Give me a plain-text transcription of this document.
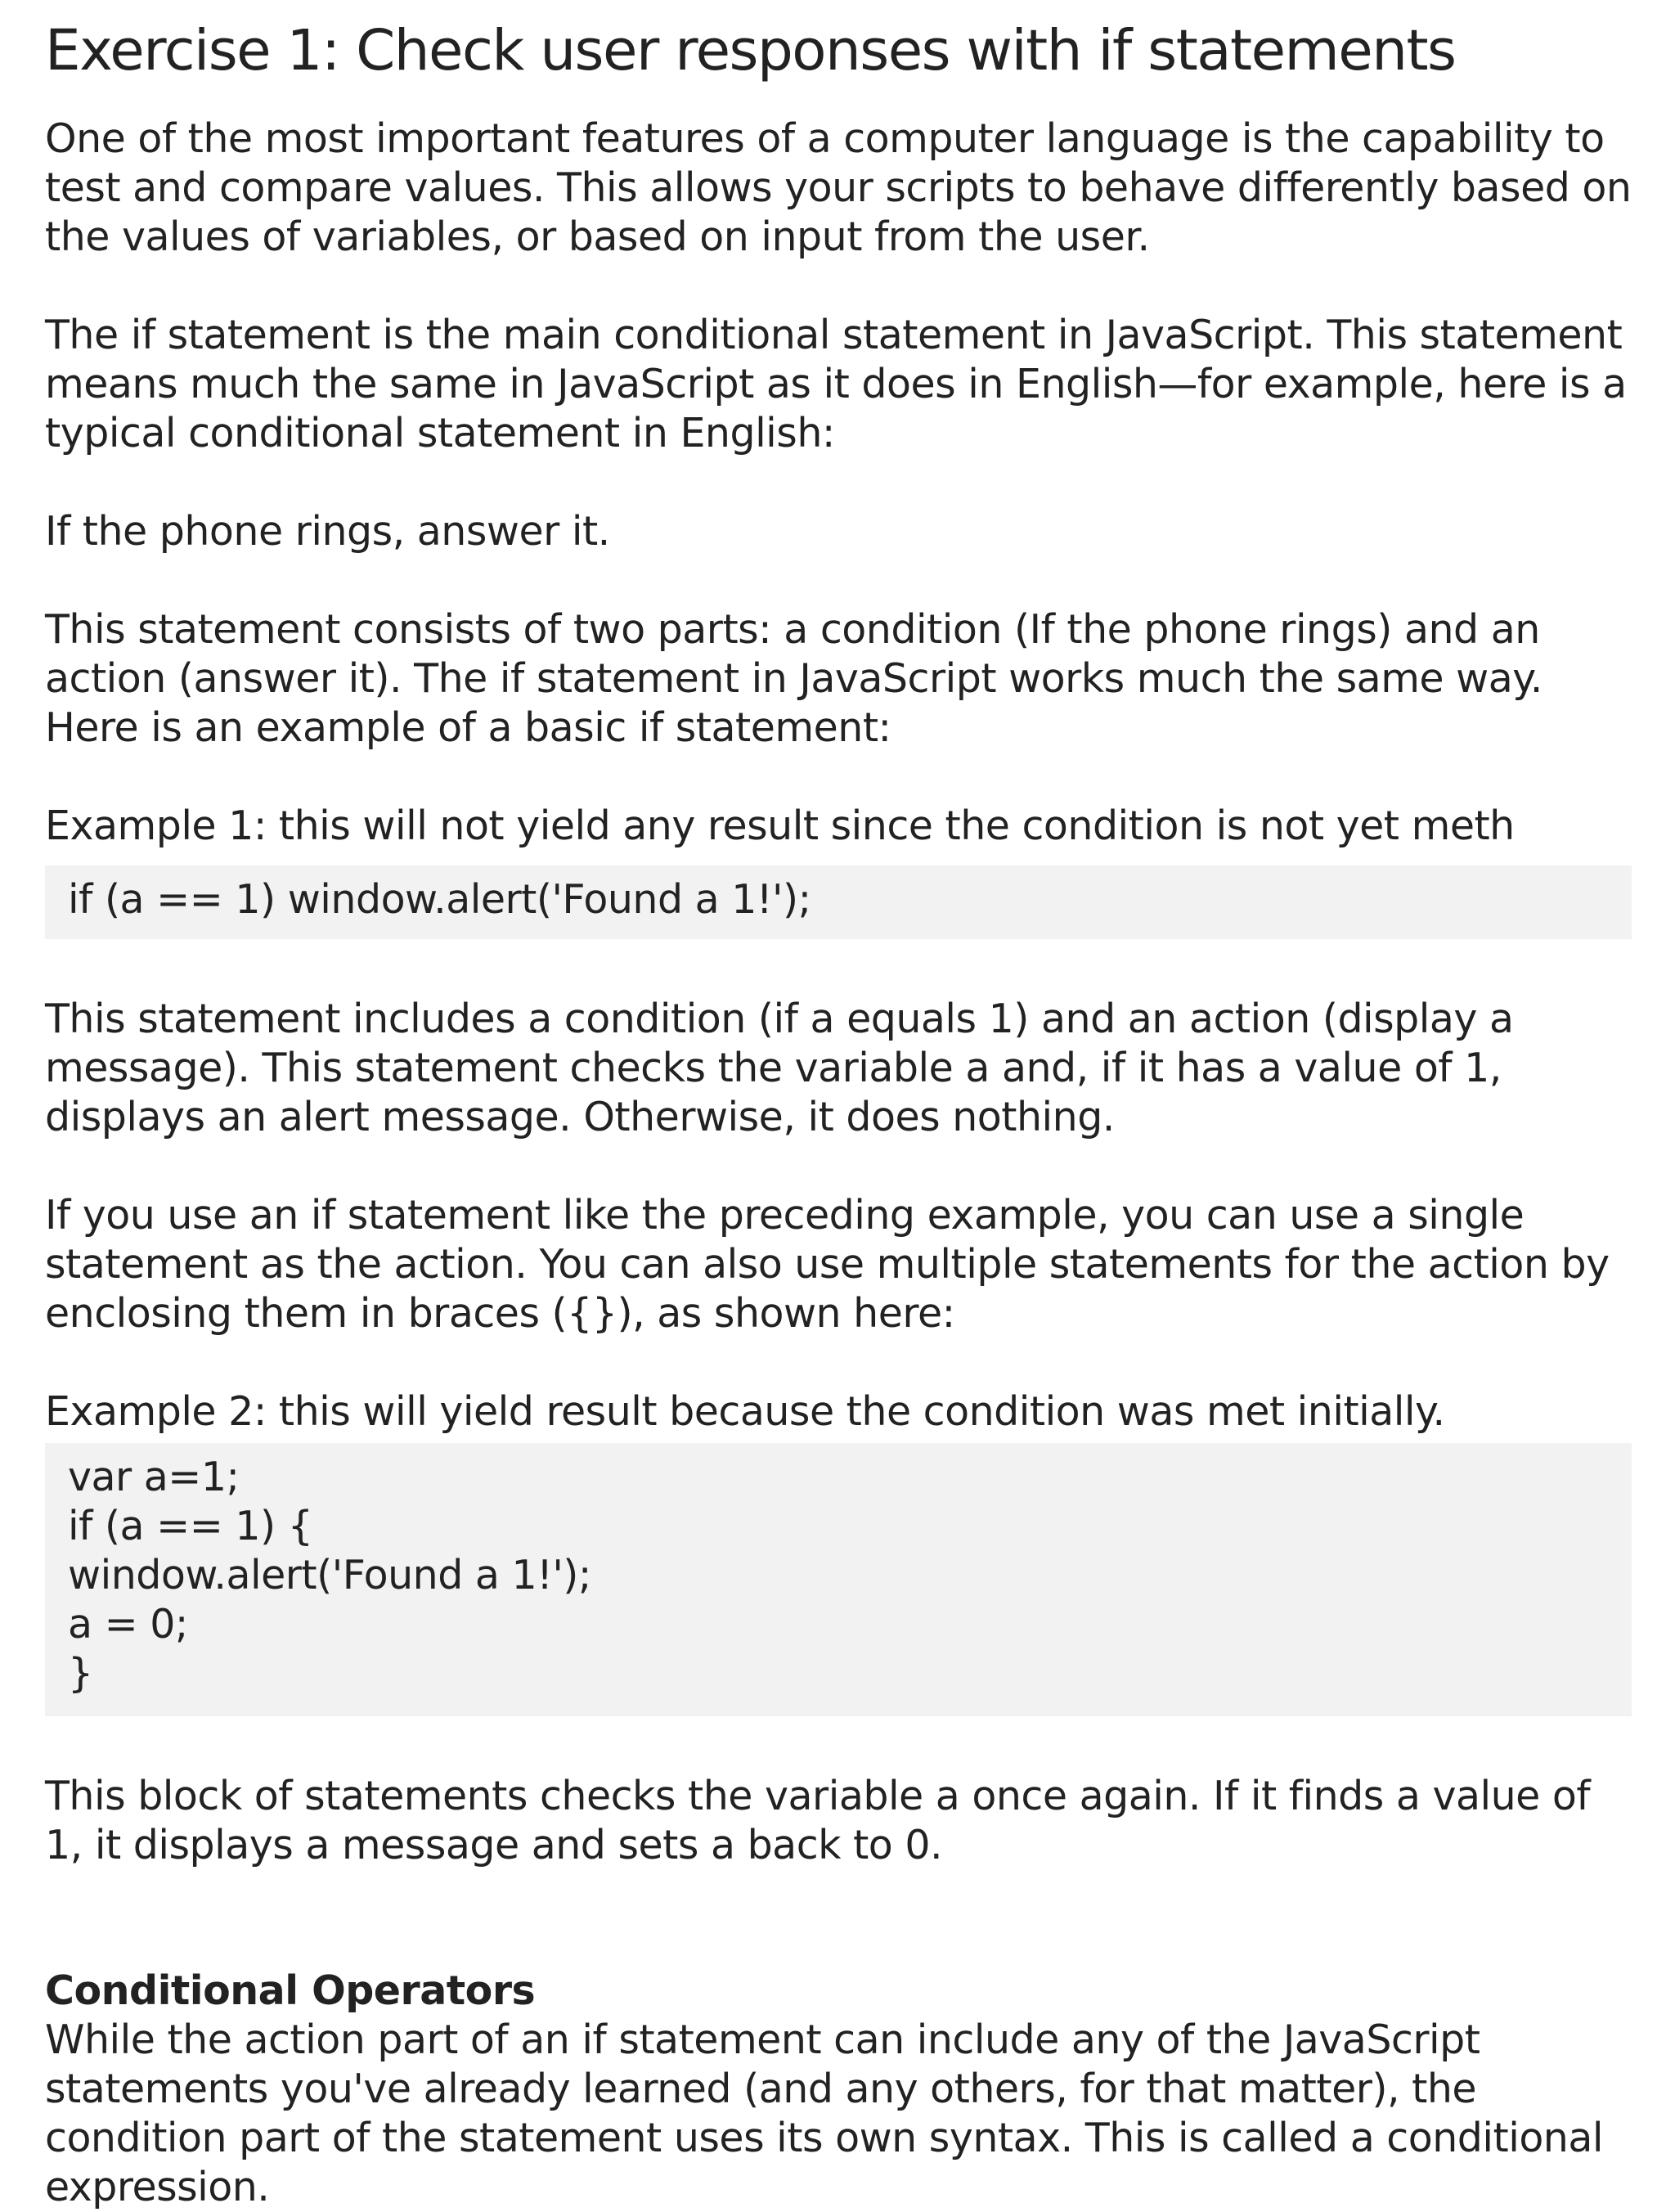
Exercise 1: Check user responses with if statements

One of the most important features of a computer language is the capability to test and compare values. This allows your scripts to behave differently based on the values of variables, or based on input from the user.

The if statement is the main conditional statement in JavaScript. This statement means much the same in JavaScript as it does in English—for example, here is a typical conditional statement in English:

If the phone rings, answer it.

This statement consists of two parts: a condition (If the phone rings) and an action (answer it). The if statement in JavaScript works much the same way. Here is an example of a basic if statement:

Example 1: this will not yield any result since the condition is not yet meth

if (a == 1) window.alert('Found a 1!');

This statement includes a condition (if a equals 1) and an action (display a message). This statement checks the variable a and, if it has a value of 1, displays an alert message. Otherwise, it does nothing.

If you use an if statement like the preceding example, you can use a single statement as the action. You can also use multiple statements for the action by enclosing them in braces ({}), as shown here:

Example 2: this will yield result because the condition was met initially.

var a=1;
if (a == 1) {
window.alert('Found a 1!');
a = 0;
}

This block of statements checks the variable a once again. If it finds a value of 1, it displays a message and sets a back to 0.

Conditional Operators

While the action part of an if statement can include any of the JavaScript statements you've already learned (and any others, for that matter), the condition part of the statement uses its own syntax. This is called a conditional expression.
